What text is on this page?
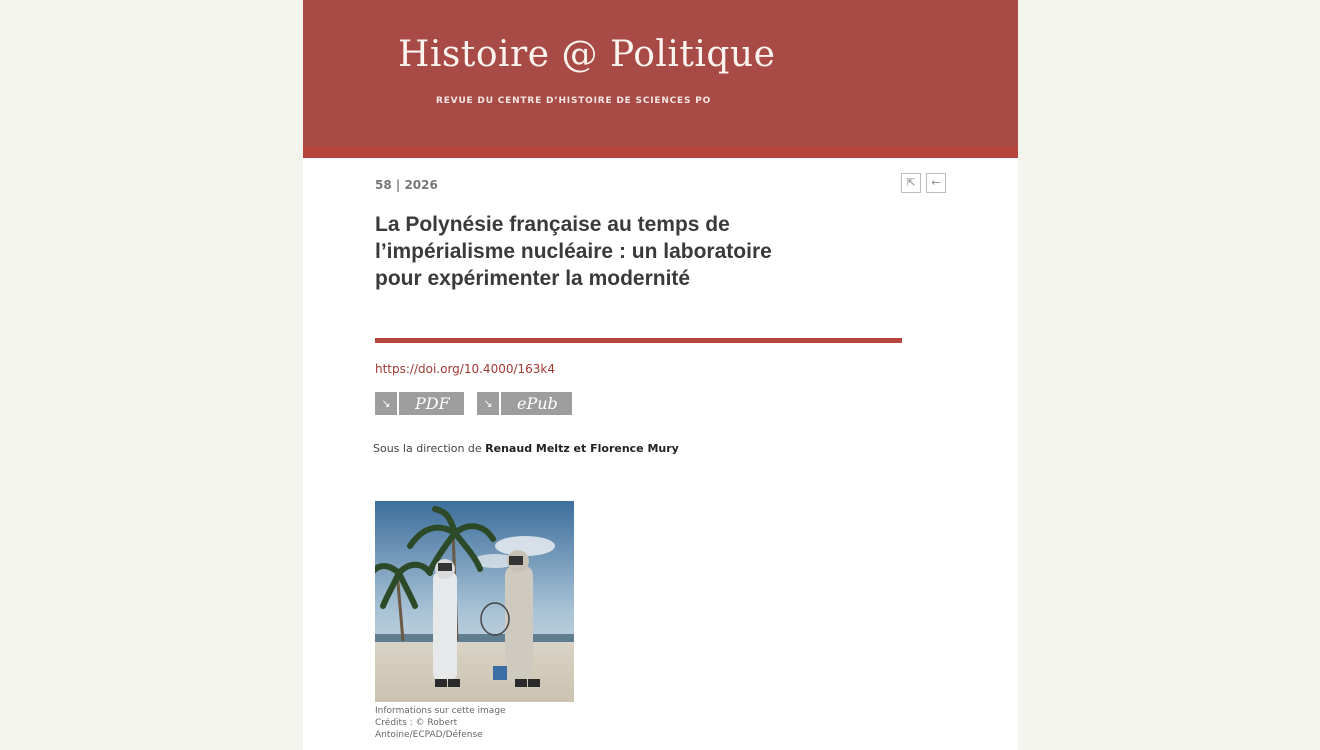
Histoire @ Politique
REVUE DU CENTRE D’HISTOIRE DE SCIENCES PO
58 | 2026	⇱	←
La Polynésie française au temps de l’impérialisme nucléaire : un laboratoire pour expérimenter la modernité
https://doi.org/10.4000/163k4
↘	PDF	↘	ePub
Sous la direction de Renaud Meltz et Florence Mury
Informations sur cette image
Crédits : © Robert Antoine/ECPAD/Défense
